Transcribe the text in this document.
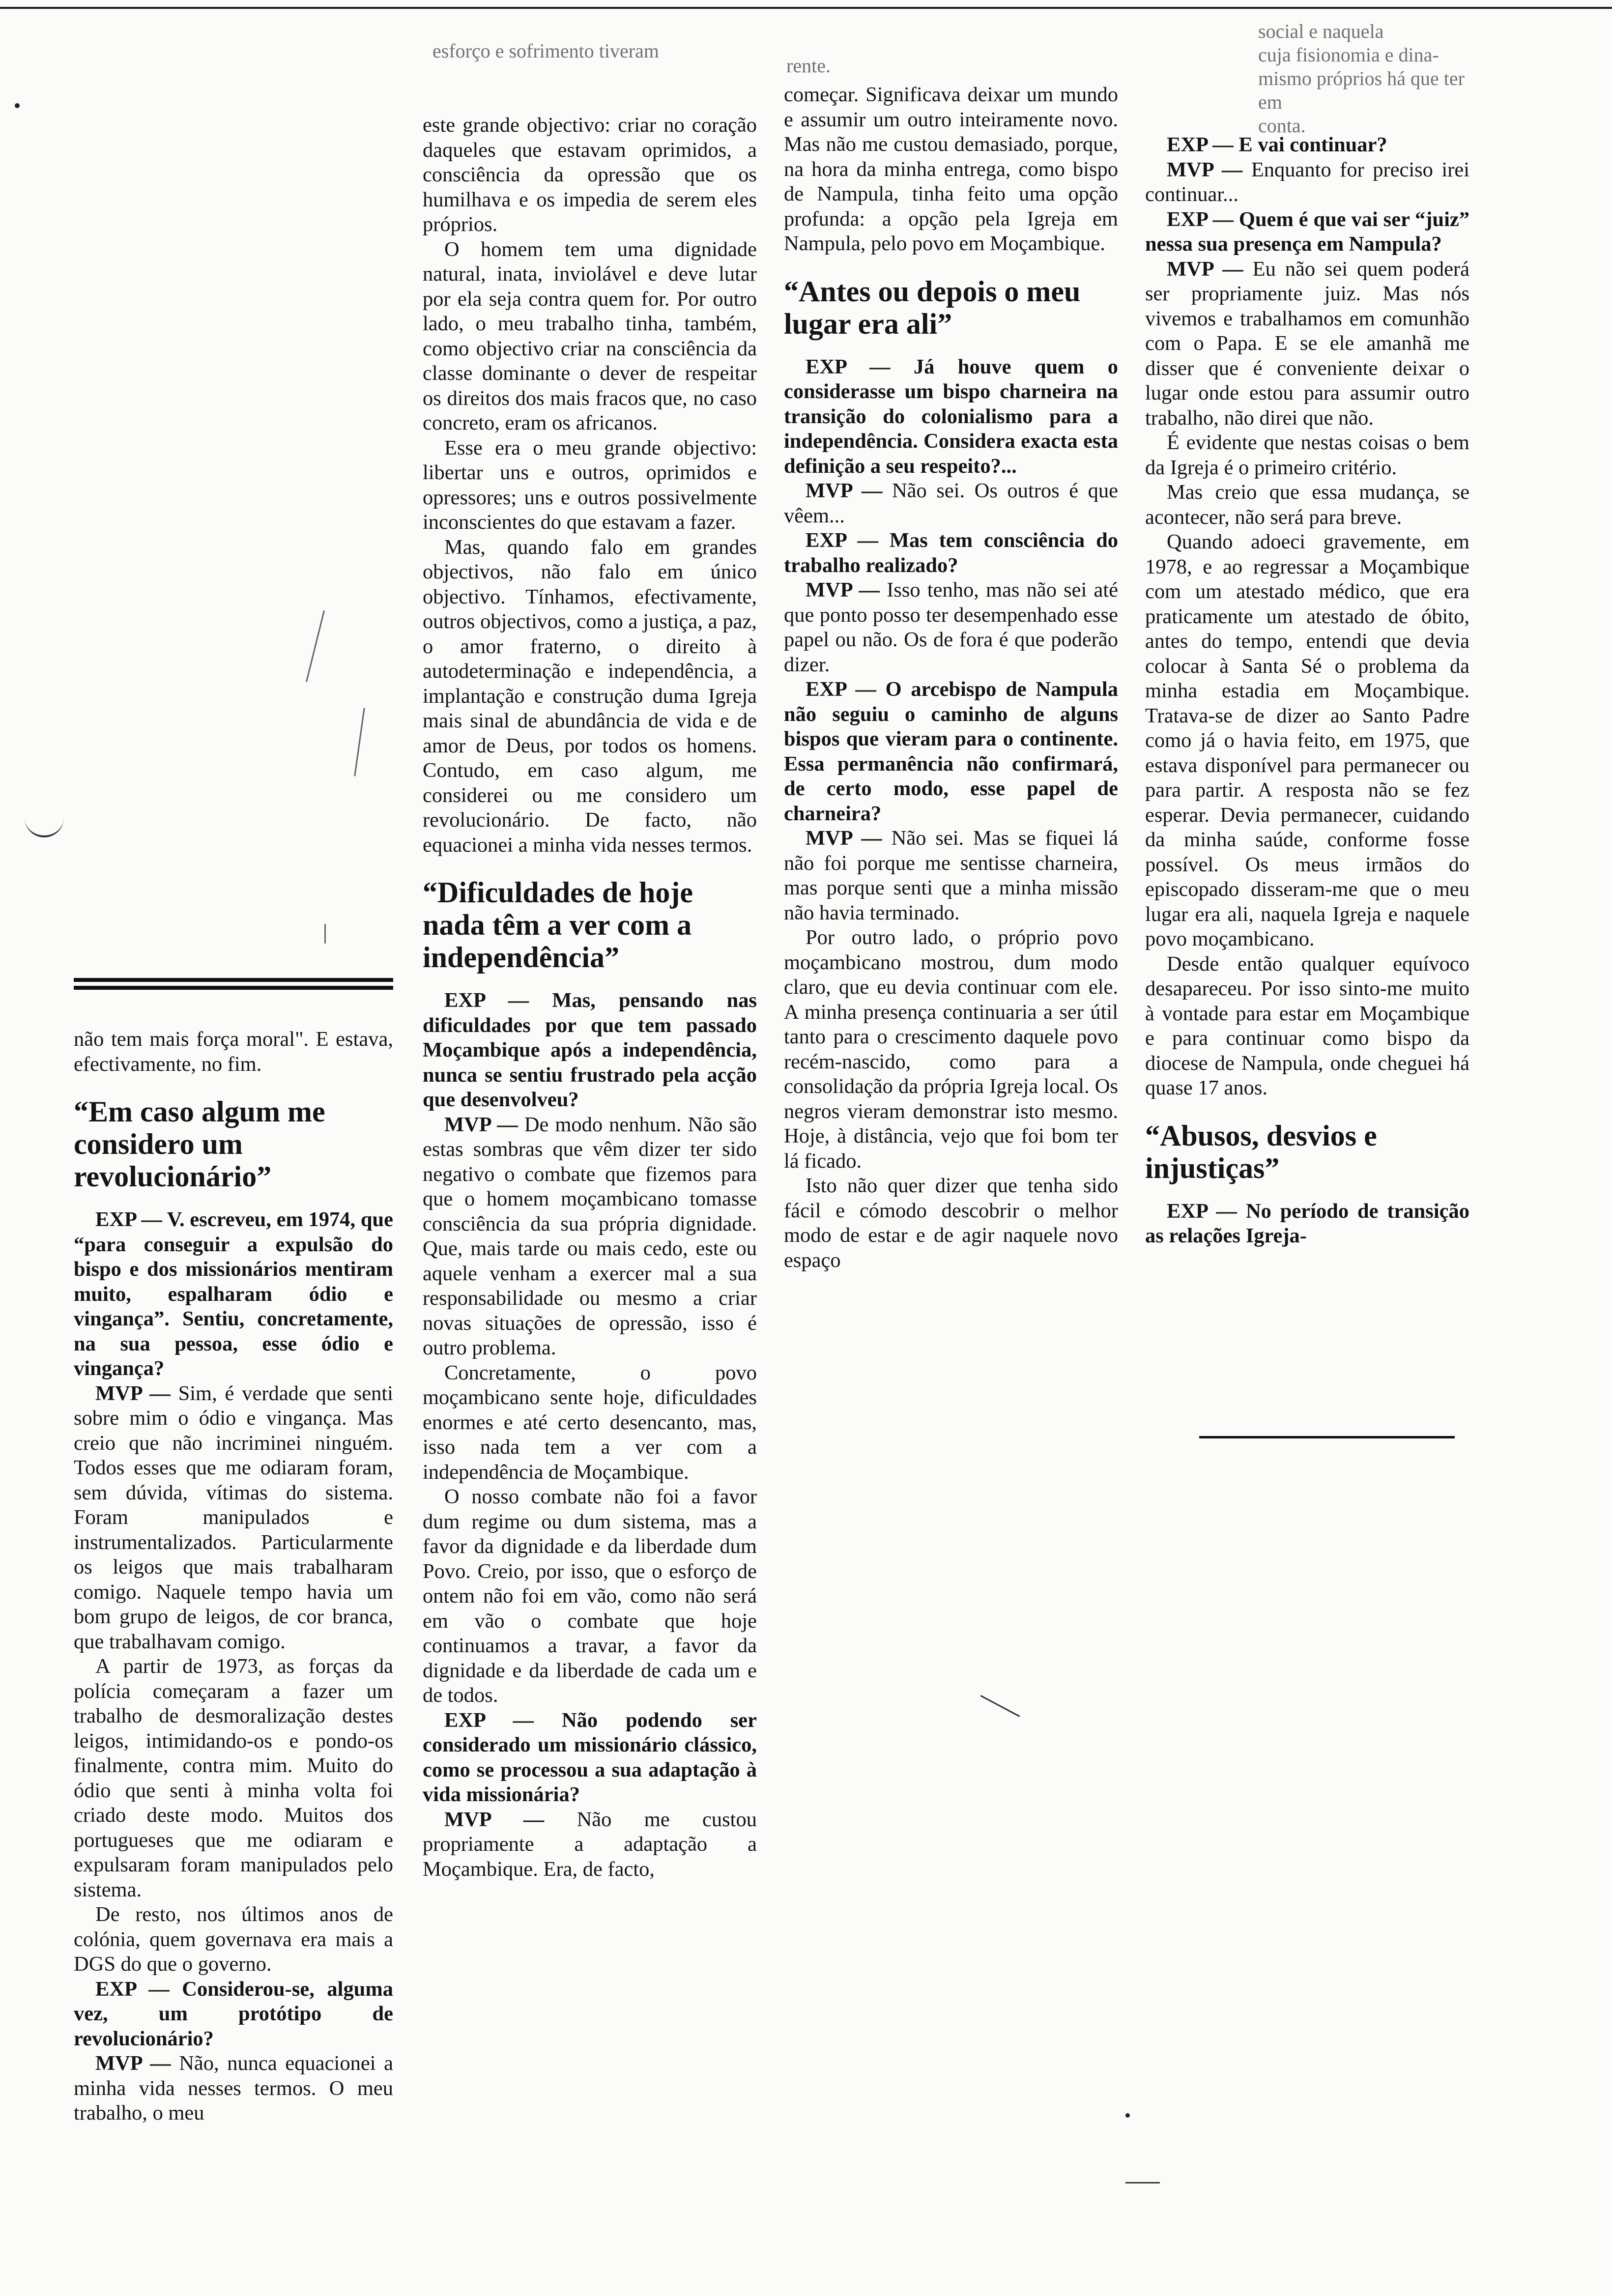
esforço e sofrimento tiveram

rente.

social e naquela

cuja fisionomia e dina-

mismo próprios há que ter em

conta.

não tem mais força moral". E estava, efectivamente, no fim.

“Em caso algum me considero um revolucionário”

EXP — V. escreveu, em 1974, que “para conseguir a expulsão do bispo e dos missionários mentiram muito, espalharam ódio e vingança”. Sentiu, concretamente, na sua pessoa, esse ódio e vingança?

MVP — Sim, é verdade que senti sobre mim o ódio e vingança. Mas creio que não incriminei ninguém. Todos esses que me odiaram foram, sem dúvida, vítimas do sistema. Foram manipulados e instrumentalizados. Particularmente os leigos que mais trabalharam comigo. Naquele tempo havia um bom grupo de leigos, de cor branca, que trabalhavam comigo.

A partir de 1973, as forças da polícia começaram a fazer um trabalho de desmoralização destes leigos, intimidando-os e pondo-os finalmente, contra mim. Muito do ódio que senti à minha volta foi criado deste modo. Muitos dos portugueses que me odiaram e expulsaram foram manipulados pelo sistema.

De resto, nos últimos anos de colónia, quem governava era mais a DGS do que o governo.

EXP — Considerou-se, alguma vez, um protótipo de revolucionário?

MVP — Não, nunca equacionei a minha vida nesses termos. O meu trabalho, o meu

este grande objectivo: criar no coração daqueles que estavam oprimidos, a consciência da opressão que os humilhava e os impedia de serem eles próprios.

O homem tem uma dignidade natural, inata, inviolável e deve lutar por ela seja contra quem for. Por outro lado, o meu trabalho tinha, também, como objectivo criar na consciência da classe dominante o dever de respeitar os direitos dos mais fracos que, no caso concreto, eram os africanos.

Esse era o meu grande objectivo: libertar uns e outros, oprimidos e opressores; uns e outros possivelmente inconscientes do que estavam a fazer.

Mas, quando falo em grandes objectivos, não falo em único objectivo. Tínhamos, efectivamente, outros objectivos, como a justiça, a paz, o amor fraterno, o direito à autodeterminação e independência, a implantação e construção duma Igreja mais sinal de abundância de vida e de amor de Deus, por todos os homens. Contudo, em caso algum, me considerei ou me considero um revolucionário. De facto, não equacionei a minha vida nesses termos.

“Dificuldades de hoje nada têm a ver com a independência”

EXP — Mas, pensando nas dificuldades por que tem passado Moçambique após a independência, nunca se sentiu frustrado pela acção que desenvolveu?

MVP — De modo nenhum. Não são estas sombras que vêm dizer ter sido negativo o combate que fizemos para que o homem moçambicano tomasse consciência da sua própria dignidade. Que, mais tarde ou mais cedo, este ou aquele venham a exercer mal a sua responsabilidade ou mesmo a criar novas situações de opressão, isso é outro problema.

Concretamente, o povo moçambicano sente hoje, dificuldades enormes e até certo desencanto, mas, isso nada tem a ver com a independência de Moçambique.

O nosso combate não foi a favor dum regime ou dum sistema, mas a favor da dignidade e da liberdade dum Povo. Creio, por isso, que o esforço de ontem não foi em vão, como não será em vão o combate que hoje continuamos a travar, a favor da dignidade e da liberdade de cada um e de todos.

EXP — Não podendo ser considerado um missionário clássico, como se processou a sua adaptação à vida missionária?

MVP — Não me custou propriamente a adaptação a Moçambique. Era, de facto,

começar. Significava deixar um mundo e assumir um outro inteiramente novo. Mas não me custou demasiado, porque, na hora da minha entrega, como bispo de Nampula, tinha feito uma opção profunda: a opção pela Igreja em Nampula, pelo povo em Moçambique.

“Antes ou depois o meu lugar era ali”

EXP — Já houve quem o considerasse um bispo charneira na transição do colonialismo para a independência. Considera exacta esta definição a seu respeito?...

MVP — Não sei. Os outros é que vêem...

EXP — Mas tem consciência do trabalho realizado?

MVP — Isso tenho, mas não sei até que ponto posso ter desempenhado esse papel ou não. Os de fora é que poderão dizer.

EXP — O arcebispo de Nampula não seguiu o caminho de alguns bispos que vieram para o continente. Essa permanência não confirmará, de certo modo, esse papel de charneira?

MVP — Não sei. Mas se fiquei lá não foi porque me sentisse charneira, mas porque senti que a minha missão não havia terminado.

Por outro lado, o próprio povo moçambicano mostrou, dum modo claro, que eu devia continuar com ele. A minha presença continuaria a ser útil tanto para o crescimento daquele povo recém-nascido, como para a consolidação da própria Igreja local. Os negros vieram demonstrar isto mesmo. Hoje, à distância, vejo que foi bom ter lá ficado.

Isto não quer dizer que tenha sido fácil e cómodo descobrir o melhor modo de estar e de agir naquele novo espaço

EXP — E vai continuar?

MVP — Enquanto for preciso irei continuar...

EXP — Quem é que vai ser “juiz” nessa sua presença em Nampula?

MVP — Eu não sei quem poderá ser propriamente juiz. Mas nós vivemos e trabalhamos em comunhão com o Papa. E se ele amanhã me disser que é conveniente deixar o lugar onde estou para assumir outro trabalho, não direi que não.

É evidente que nestas coisas o bem da Igreja é o primeiro critério.

Mas creio que essa mudança, se acontecer, não será para breve.

Quando adoeci gravemente, em 1978, e ao regressar a Moçambique com um atestado médico, que era praticamente um atestado de óbito, antes do tempo, entendi que devia colocar à Santa Sé o problema da minha estadia em Moçambique. Tratava-se de dizer ao Santo Padre como já o havia feito, em 1975, que estava disponível para permanecer ou para partir. A resposta não se fez esperar. Devia permanecer, cuidando da minha saúde, conforme fosse possível. Os meus irmãos do episcopado disseram-me que o meu lugar era ali, naquela Igreja e naquele povo moçambicano.

Desde então qualquer equívoco desapareceu. Por isso sinto-me muito à vontade para estar em Moçambique e para continuar como bispo da diocese de Nampula, onde cheguei há quase 17 anos.

“Abusos, desvios e injustiças”

EXP — No período de transição as relações Igreja-
